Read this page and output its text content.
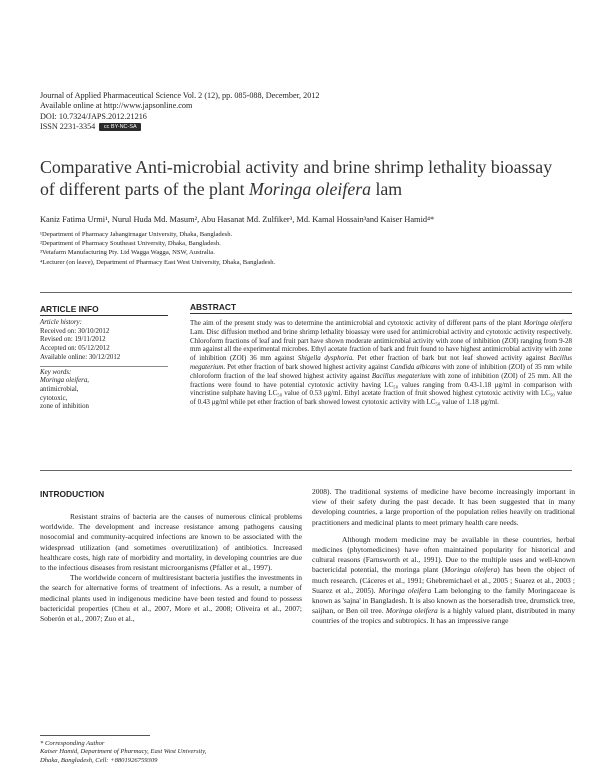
Journal of Applied Pharmaceutical Science Vol. 2 (12), pp. 085-088, December, 2012
Available online at http://www.japsonline.com
DOI: 10.7324/JAPS.2012.21216
ISSN 2231-3354 cc BY-NC-SA
Comparative Anti-microbial activity and brine shrimp lethality bioassay of different parts of the plant Moringa oleifera lam
Kaniz Fatima Urmi¹, Nurul Huda Md. Masum², Abu Hasanat Md. Zulfiker³, Md. Kamal Hossain³and Kaiser Hamid⁴*
¹Department of Pharmacy Jahangirnagar University, Dhaka, Bangladesh.
²Department of Pharmacy Southeast University, Dhaka, Bangladesh.
³Vetafarm Manufacturing Pty. Ltd Wagga Wagga, NSW, Australia.
⁴Lecturer (on leave), Department of Pharmacy East West University, Dhaka, Bangladesh.
ARTICLE INFO	ABSTRACT
Article history:
Received on: 30/10/2012
Revised on: 19/11/2012
Accepted on: 05/12/2012
Available online: 30/12/2012
Key words:
Moringa oleifera,
antimicrobial,
cytotoxic,
zone of inhibition
The aim of the present study was to determine the antimicrobial and cytotoxic activity of different parts of the plant Moringa oleifera Lam. Disc diffusion method and brine shrimp lethality bioassay were used for antimicrobial activity and cytotoxic activity respectively. Chloroform fractions of leaf and fruit part have shown moderate antimicrobial activity with zone of inhibition (ZOI) ranging from 9-28 mm against all the experimental microbes. Ethyl acetate fraction of bark and fruit found to have highest antimicrobial activity with zone of inhibition (ZOI) 36 mm against Shigella dysphoria. Pet ether fraction of bark but not leaf showed activity against Bacillus megaterium. Pet ether fraction of bark showed highest activity against Candida albicans with zone of inhibition (ZOI) of 35 mm while chloroform fraction of the leaf showed highest activity against Bacillus megaterium with zone of inhibition (ZOI) of 25 mm. All the fractions were found to have potential cytotoxic activity having LC₅₀ values ranging from 0.43-1.18 μg/ml in comparison with vincristine sulphate having LC₅₀ value of 0.53 μg/ml. Ethyl acetate fraction of fruit showed highest cytotoxic activity with LC₅₀ value of 0.43 μg/ml while pet ether fraction of bark showed lowest cytotoxic activity with LC₅₀ value of 1.18 μg/ml.
INTRODUCTION

Resistant strains of bacteria are the causes of numerous clinical problems worldwide. The development and increase resistance among pathogens causing nosocomial and community-acquired infections are known to be associated with the widespread utilization (and sometimes overutilization) of antibiotics. Increased healthcare costs, high rate of morbidity and mortality, in developing countries are due to the infectious diseases from resistant microorganisms (Pfaller et al., 1997).

The worldwide concern of multiresistant bacteria justifies the investments in the search for alternative forms of treatment of infections. As a result, a number of medicinal plants used in indigenous medicine have been tested and found to possess bactericidal properties (Cheu et al., 2007, More et al., 2008; Oliveira et al., 2007; Soberón et al., 2007; Zuo et al.,

2008). The traditional systems of medicine have become increasingly important in view of their safety during the past decade. It has been suggested that in many developing countries, a large proportion of the population relies heavily on traditional practitioners and medicinal plants to meet primary health care needs.

Although modern medicine may be available in these countries, herbal medicines (phytomedicines) have often maintained popularity for historical and cultural reasons (Farnsworth et al., 1991). Due to the multiple uses and well-known bactericidal potential, the moringa plant (Moringa oleifera) has been the object of much research. (Cáceres et al., 1991; Ghebremichael et al., 2005 ; Suarez et al., 2003 ; Suarez et al., 2005). Moringa oleifera Lam belonging to the family Moringaceae is known as 'sajna' in Bangladesh. It is also known as the horseradish tree, drumstick tree, saijhan, or Ben oil tree. Moringa oleifera is a highly valued plant, distributed in many countries of the tropics and subtropics. It has an impressive range

* Corresponding Author
Kaiser Hamid, Department of Pharmacy, East West University,
Dhaka, Bangladesh, Cell: +8801926759309
